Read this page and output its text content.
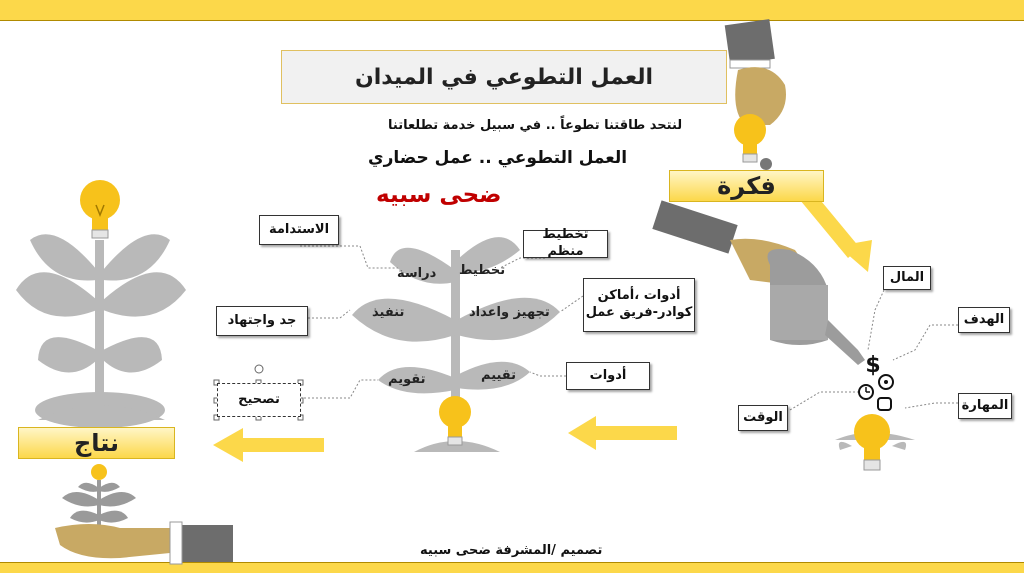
$
العمل التطوعي في الميدان
لنتحد طاقتنا تطوعاً .. في سبيل خدمة تطلعاتنا
العمل التطوعي .. عمل حضاري
ضحى سبيه	فكرة
نتاج
المال
الهدف
المهارة
الوقت
الاستدامة	تخطيط منظم
أدوات ،أماكن
كوادر-فريق عمل
جد واجتهاد
أدوات
تصحيح
تخطيط
دراسة
تجهيز واعداد
تنفيذ
تقييم
تقويم
تصميم /المشرفة ضحى سبيه
